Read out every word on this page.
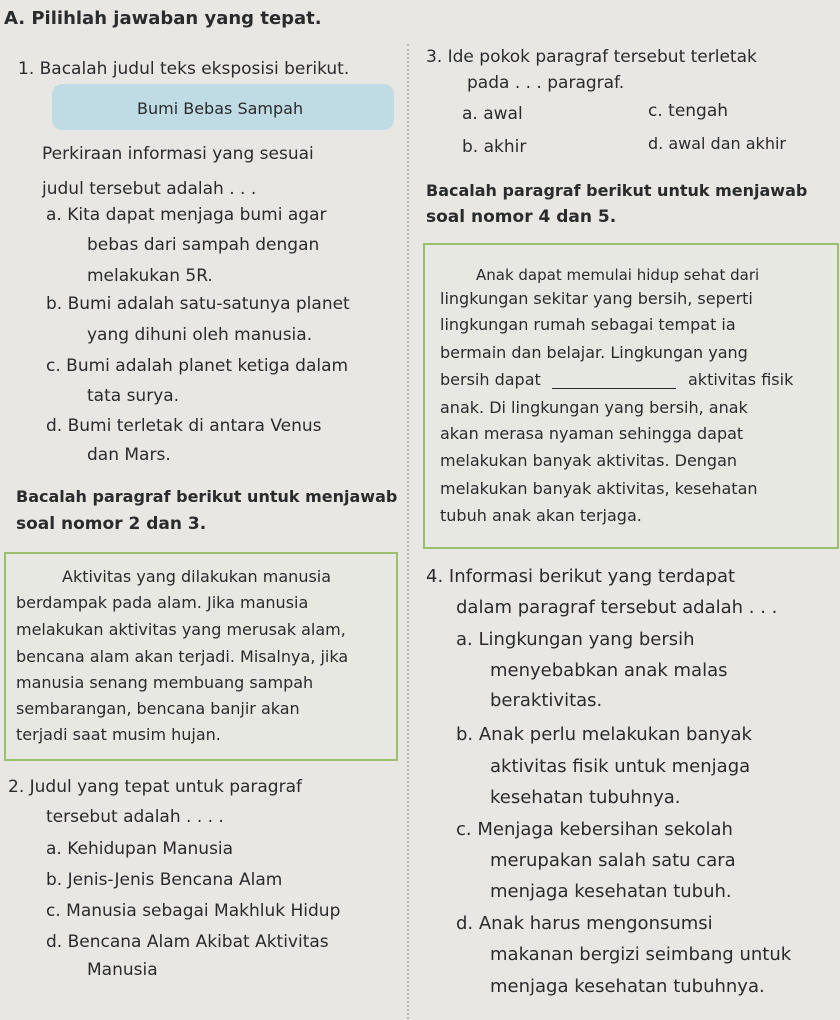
A. Pilihlah jawaban yang tepat.
1. Bacalah judul teks eksposisi berikut.
Bumi Bebas Sampah
Perkiraan informasi yang sesuai
judul tersebut adalah . . .
a. Kita dapat menjaga bumi agar
bebas dari sampah dengan
melakukan 5R.
b. Bumi adalah satu-satunya planet
yang dihuni oleh manusia.
c. Bumi adalah planet ketiga dalam
tata surya.
d. Bumi terletak di antara Venus
dan Mars.
Bacalah paragraf berikut untuk menjawab
soal nomor 2 dan 3.
Aktivitas yang dilakukan manusia
berdampak pada alam. Jika manusia
melakukan aktivitas yang merusak alam,
bencana alam akan terjadi. Misalnya, jika
manusia senang membuang sampah
sembarangan, bencana banjir akan
terjadi saat musim hujan.
2. Judul yang tepat untuk paragraf
tersebut adalah . . . .
a. Kehidupan Manusia
b. Jenis-Jenis Bencana Alam
c. Manusia sebagai Makhluk Hidup
d. Bencana Alam Akibat Aktivitas
Manusia
3. Ide pokok paragraf tersebut terletak
pada . . . paragraf.
a. awal	c. tengah
b. akhir	d. awal dan akhir
Bacalah paragraf berikut untuk menjawab
soal nomor 4 dan 5.
Anak dapat memulai hidup sehat dari
lingkungan sekitar yang bersih, seperti
lingkungan rumah sebagai tempat ia
bermain dan belajar. Lingkungan yang
bersih dapat	aktivitas fisik
anak. Di lingkungan yang bersih, anak
akan merasa nyaman sehingga dapat
melakukan banyak aktivitas. Dengan
melakukan banyak aktivitas, kesehatan
tubuh anak akan terjaga.
4. Informasi berikut yang terdapat
dalam paragraf tersebut adalah . . .
a. Lingkungan yang bersih
menyebabkan anak malas
beraktivitas.
b. Anak perlu melakukan banyak
aktivitas fisik untuk menjaga
kesehatan tubuhnya.
c. Menjaga kebersihan sekolah
merupakan salah satu cara
menjaga kesehatan tubuh.
d. Anak harus mengonsumsi
makanan bergizi seimbang untuk
menjaga kesehatan tubuhnya.
